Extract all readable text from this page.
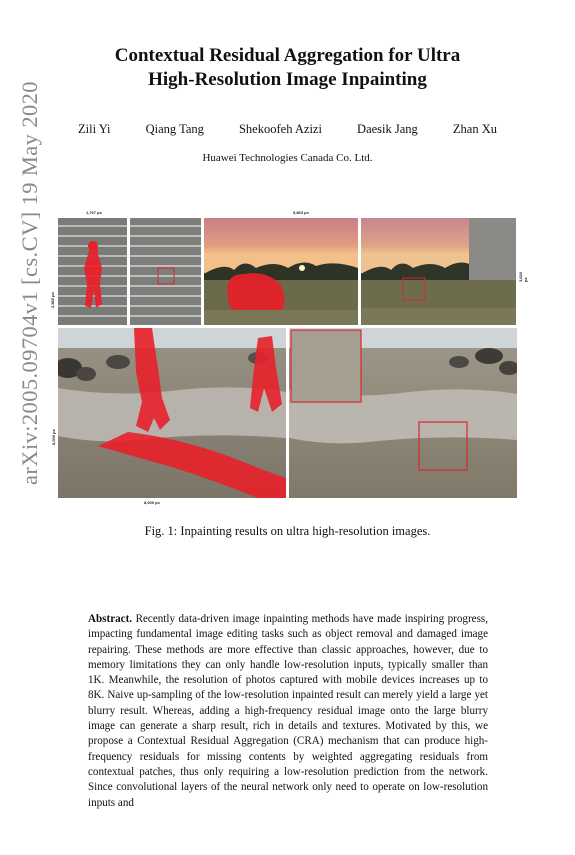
arXiv:2005.09704v1 [cs.CV] 19 May 2020
Contextual Residual Aggregation for Ultra
High-Resolution Image Inpainting
Zili Yi	Qiang Tang	Shekoofeh Azizi	Daesik Jang	Zhan Xu
Huawei Technologies Canada Co. Ltd.
1,707 px
2,560 px
5,863 px
3,620 px
6,000 px
8,000 px
Fig. 1: Inpainting results on ultra high-resolution images.
Abstract. Recently data-driven image inpainting methods have made inspiring progress, impacting fundamental image editing tasks such as object removal and damaged image repairing. These methods are more effective than classic approaches, however, due to memory limitations they can only handle low-resolution inputs, typically smaller than 1K. Meanwhile, the resolution of photos captured with mobile devices increases up to 8K. Naive up-sampling of the low-resolution inpainted result can merely yield a large yet blurry result. Whereas, adding a high-frequency residual image onto the large blurry image can generate a sharp result, rich in details and textures. Motivated by this, we propose a Contextual Residual Aggregation (CRA) mechanism that can produce high-frequency residuals for missing contents by weighted aggregating residuals from contextual patches, thus only requiring a low-resolution prediction from the network. Since convolutional layers of the neural network only need to operate on low-resolution inputs and
